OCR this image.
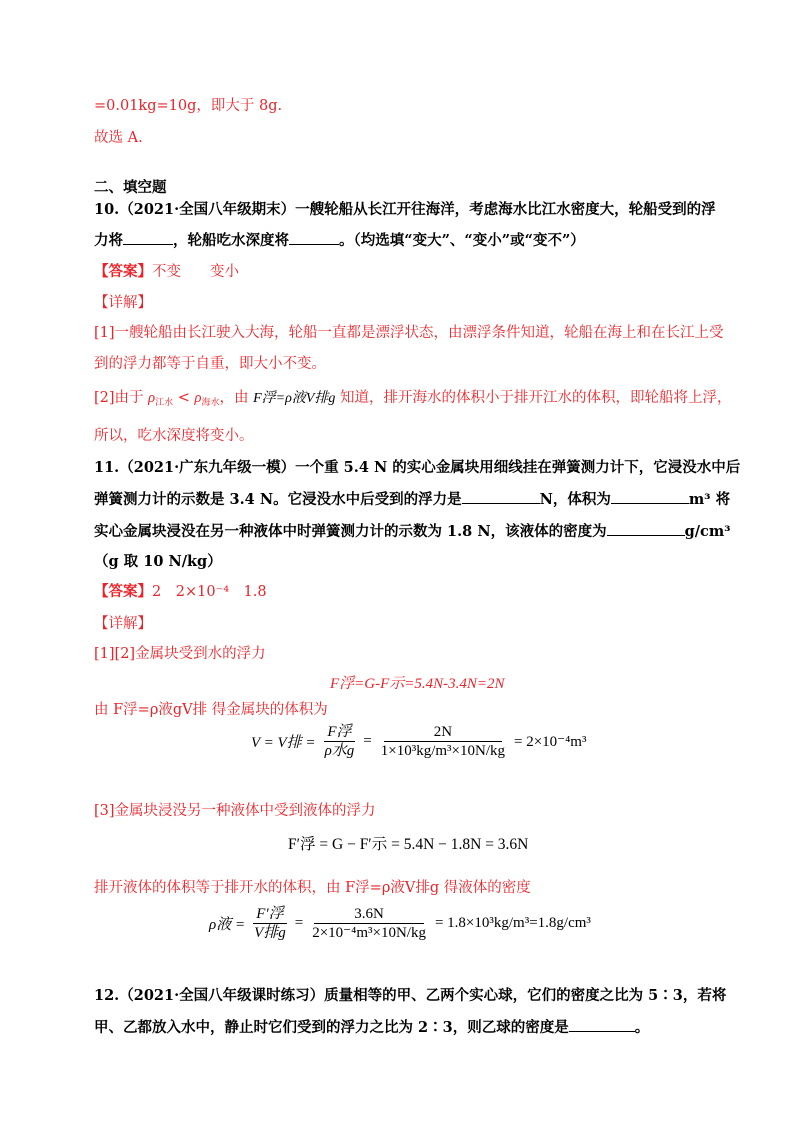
=0.01kg=10g，即大于 8g.
故选 A.
二、填空题
10.（2021·全国八年级期末）一艘轮船从长江开往海洋，考虑海水比江水密度大，轮船受到的浮
力将	，轮船吃水深度将	。（均选填“变大”、“变小”或“变不”）
【答案】不变　　变小
【详解】
[1]一艘轮船由长江驶入大海，轮船一直都是漂浮状态，由漂浮条件知道，轮船在海上和在长江上受
到的浮力都等于自重，即大小不变。
[2]由于 $\rho_{江水} < \rho_{海水}$，由 F浮=ρ液V排g 知道，排开海水的体积小于排开江水的体积，即轮船将上浮，
所以，吃水深度将变小。
11.（2021·广东九年级一模）一个重 5.4 N 的实心金属块用细线挂在弹簧测力计下，它浸没水中后
弹簧测力计的示数是 3.4 N。它浸没水中后受到的浮力是	N，体积为	m³ 将
实心金属块浸没在另一种液体中时弹簧测力计的示数为 1.8 N，该液体的密度为	g/cm³
（g 取 10 N/kg）
【答案】2　2×10⁻⁴　1.8
【详解】
[1][2]金属块受到水的浮力
F浮=G-F示=5.4N-3.4N=2N
由 F浮=ρ液gV排 得金属块的体积为
V = V排 = $\frac{\text{F浮}}{\text{ρ水g}} = \frac{2N}{\text{1×10³kg/m³×10N/kg}} = 2\times 10^{-4}m^3$
[3]金属块浸没另一种液体中受到液体的浮力
F′浮 = G − F′示 = 5.4N − 1.8N = 3.6N
排开液体的体积等于排开水的体积，由 F浮=ρ液V排g 得液体的密度
ρ液 = $\frac{\text{F′浮}}{\text{V排g}} = \frac{3.6N}{\text{2×10⁻⁴m³×10N/kg}} = 1.8\times 10^3kg/m^3=1.8g/cm^3$
12.（2021·全国八年级课时练习）质量相等的甲、乙两个实心球，它们的密度之比为 5∶3，若将
甲、乙都放入水中，静止时它们受到的浮力之比为 2∶3，则乙球的密度是	。
